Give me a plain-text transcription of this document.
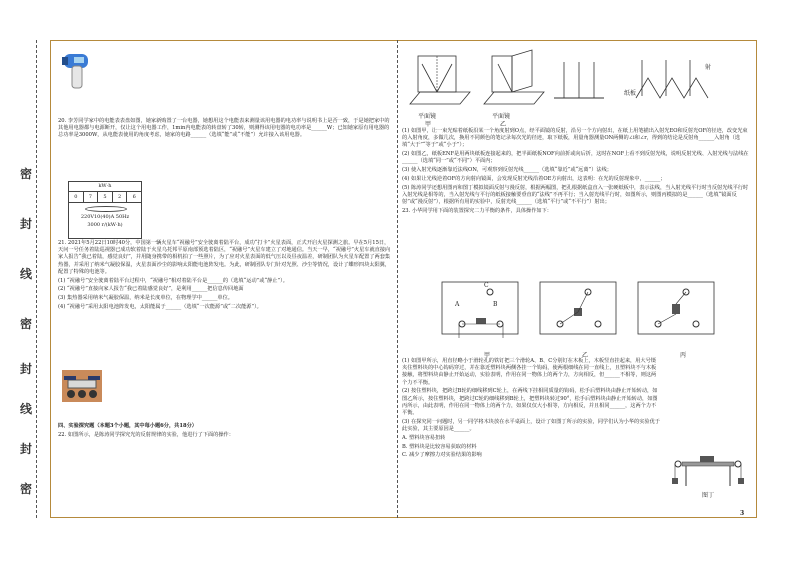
密
封
线
密
封
线
封
密

20. 李芳同学家中的电能表表盘如图，她家新购置了一台电器，她想用这个电能表来测量该用电器的电功率与说明书上是否一致，于是她把家中的其他用电器都与电源断开，仅让这个用电器工作，1min内电能表的转盘转了30转，则测得该用电器的电功率是______W；已知她家原有用电器的总功率是3000W，从电能表使用的角度考虑，她家的电路______（选填“能”或“不能”）允许接入该用电器。

kW·h
0	7	5	2	6
220V10(40)A 50Hz
3000 r/(kW·h)

21. 2021年5月22日10时40分，中国第一辆火星车“祝融号”安全驶离着陆平台，成功“打卡”火星表面，正式开启火星探测之旅。早在5月15日，天问一号任务着陆巡视器已成功软着陆于火星乌托邦平原南部预选着陆区，“祝融号”火星车建立了对地通信。当天一早，“祝融号”火星车就直接向家人报告“我已着陆，感觉良好”，并用随身携带的相机拍了一些照片，为了应对火星表面的低气压以及昼夜温差，研制团队为火星车配置了两套集热器，并采用了纳米气凝胶保温，火星表面沙尘的影响太阳能电池阵发电。为此，研制团队专门针对光照、沙尘等情况，设计了蝶形四块太阳翼，配置了特殊的电池等。

(1) “祝融号”安全驶离着陆平台过程中，“祝融号”相对着陆平台是______的（选填“运动”或“静止”）。

(2) “祝融号”直接向家人报告“我已着陆感觉良好”，是利用______把信息传回地面

(3) 集热器采用纳米气凝胶保温，纳米是长度单位，在物理学中______单位。

(4) “祝融号”采用太阳电池阵发电，太阳能属于______（选填“一次能源”或“二次能源”）。

四、实验探究题（本题3个小题，其中每小题6分，共18分）

22. 如图所示，是陈涛同学探究光的反射规律的实验，他进行了下面的操作：

平面镜	平面镜
甲	乙
纸板
射

(1) 如图甲，让一束光贴着纸板沿某一个角度射到O点，经平面镜的反射，沿另一个方向射出，在纸上用笔描出入射光EO和反射光OF的径迹，改变光束的入射角度，多做几次，换用不同颜色的笔记录每次光的径迹，取下纸板，用量角器测量ON两侧的∠i和∠r，得到的结论是反射角______入射角（选填“大于”“等于”或“小于”）；

(2) 如图乙，纸板ENF是用两块纸板连接起来的，把半面纸板NOF向前折或向后折，这时在NOF上看不到反射光线，说明反射光线、入射光线与法线在______（选填“同一”或“不同”）平面内；

(3) 使入射光线逐渐靠近法线ON，可观察到反射光线______（选填“靠近”或“远离”）法线；

(4) 如果让光线逆着OF的方向射向镜面，会发现反射光线沿着OE方向射出，这表明：在光的反射现象中，______；

(5) 陈涛同学还想用图丙和图丁模拟镜面反射与漫反射，根据两幅图，把孔根据纸盒直入一张硬纸板中，表示法线，当入射光线平行时当反射光线平行时入射光线是相等的，当入射光线与平行的纸板接触要垂直的“法线”不再平行；当入射光线平行时，如图所示，则图丙模拟的是______（选填“镜面反射”或“漫反射”），根据所有用的实验中，反射光线______（选填“平行”或“不平行”）射出；

23. 小华同学用下面的装置探究二力平衡的条件，具体操作如下：

A	B
C
甲	乙	丙

(1) 如图甲所示，用直径略小于滑轮孔的铁钉把三个滑轮A、B、C分别钉在木板上，木板竖直挂起来，用大号镊夹住塑料块的中心钩码穿过，并在靠近塑料块两侧各挂一个钩码，使两根细线在同一直线上，且塑料块不与木板接触，将塑料块由静止开始运动，实验表明，作用在同一物体上的两个力，方向相反，但______不相等，则这两个力不平衡。

(2) 按住塑料块，把跨过B轮的细线移到C轮上，在两线下挂相同质量的钩码，松手后塑料块由静止开始转动，如图乙所示，按住塑料块，把跨过C轮的细线移到B轮上，把塑料块转过90°，松手后塑料块由静止开始转动，如图丙所示，由此表明，作用在同一物体上的两个力，如果仅仅大小相等，方向相反，并且相同______，这两个力不平衡。

(3) 在探究同一问题时，另一同学将木块放在水平桌面上，设计了如图丁所示的实验，同学们认为小华的实验优于此实验，其主要原因是______。

A. 塑料块容易扭转

B. 塑料块是比较容易获取的材料

C. 减少了摩擦力对实验结果的影响

图丁
3
